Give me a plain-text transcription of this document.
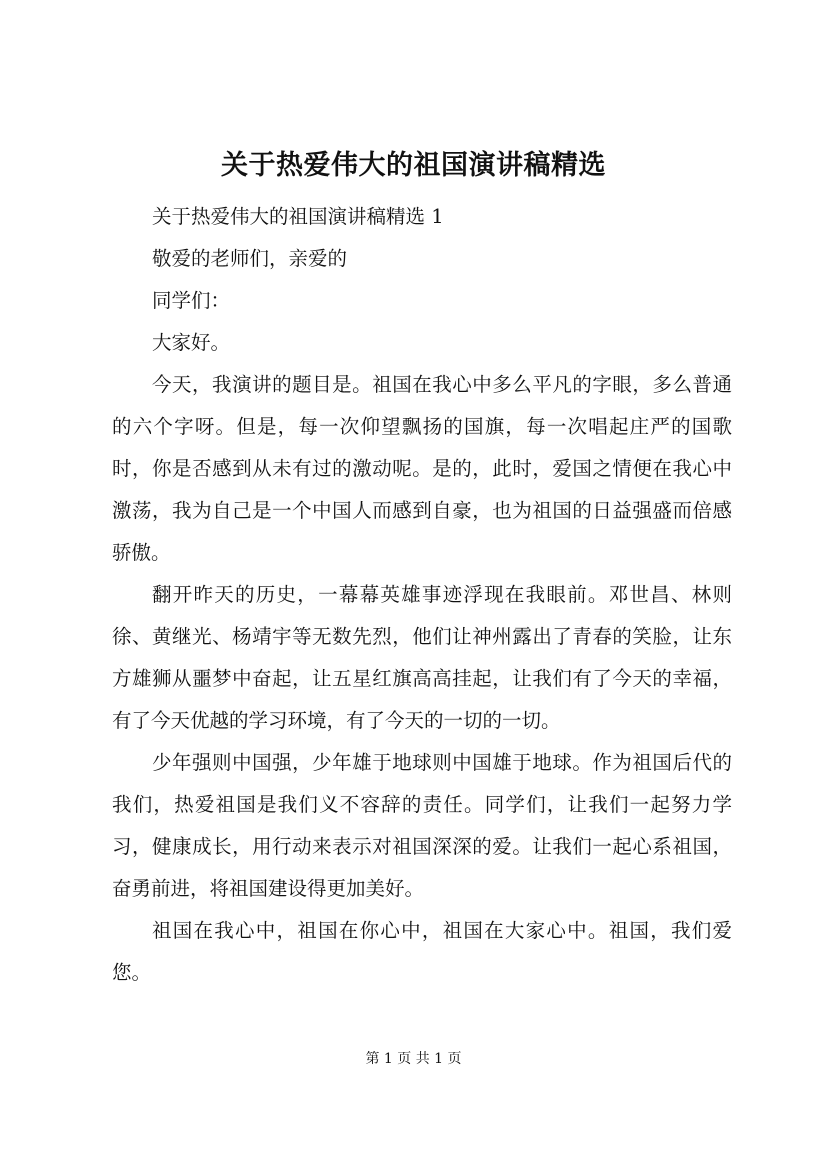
关于热爱伟大的祖国演讲稿精选

关于热爱伟大的祖国演讲稿精选 1

敬爱的老师们，亲爱的

同学们：

大家好。

今天，我演讲的题目是。祖国在我心中多么平凡的字眼，多么普通的六个字呀。但是，每一次仰望飘扬的国旗，每一次唱起庄严的国歌时，你是否感到从未有过的激动呢。是的，此时，爱国之情便在我心中激荡，我为自己是一个中国人而感到自豪，也为祖国的日益强盛而倍感骄傲。

翻开昨天的历史，一幕幕英雄事迹浮现在我眼前。邓世昌、林则徐、黄继光、杨靖宇等无数先烈，他们让神州露出了青春的笑脸，让东方雄狮从噩梦中奋起，让五星红旗高高挂起，让我们有了今天的幸福，有了今天优越的学习环境，有了今天的一切的一切。

少年强则中国强，少年雄于地球则中国雄于地球。作为祖国后代的我们，热爱祖国是我们义不容辞的责任。同学们，让我们一起努力学习，健康成长，用行动来表示对祖国深深的爱。让我们一起心系祖国，奋勇前进，将祖国建设得更加美好。

祖国在我心中，祖国在你心中，祖国在大家心中。祖国，我们爱您。

第 1 页 共 1 页
